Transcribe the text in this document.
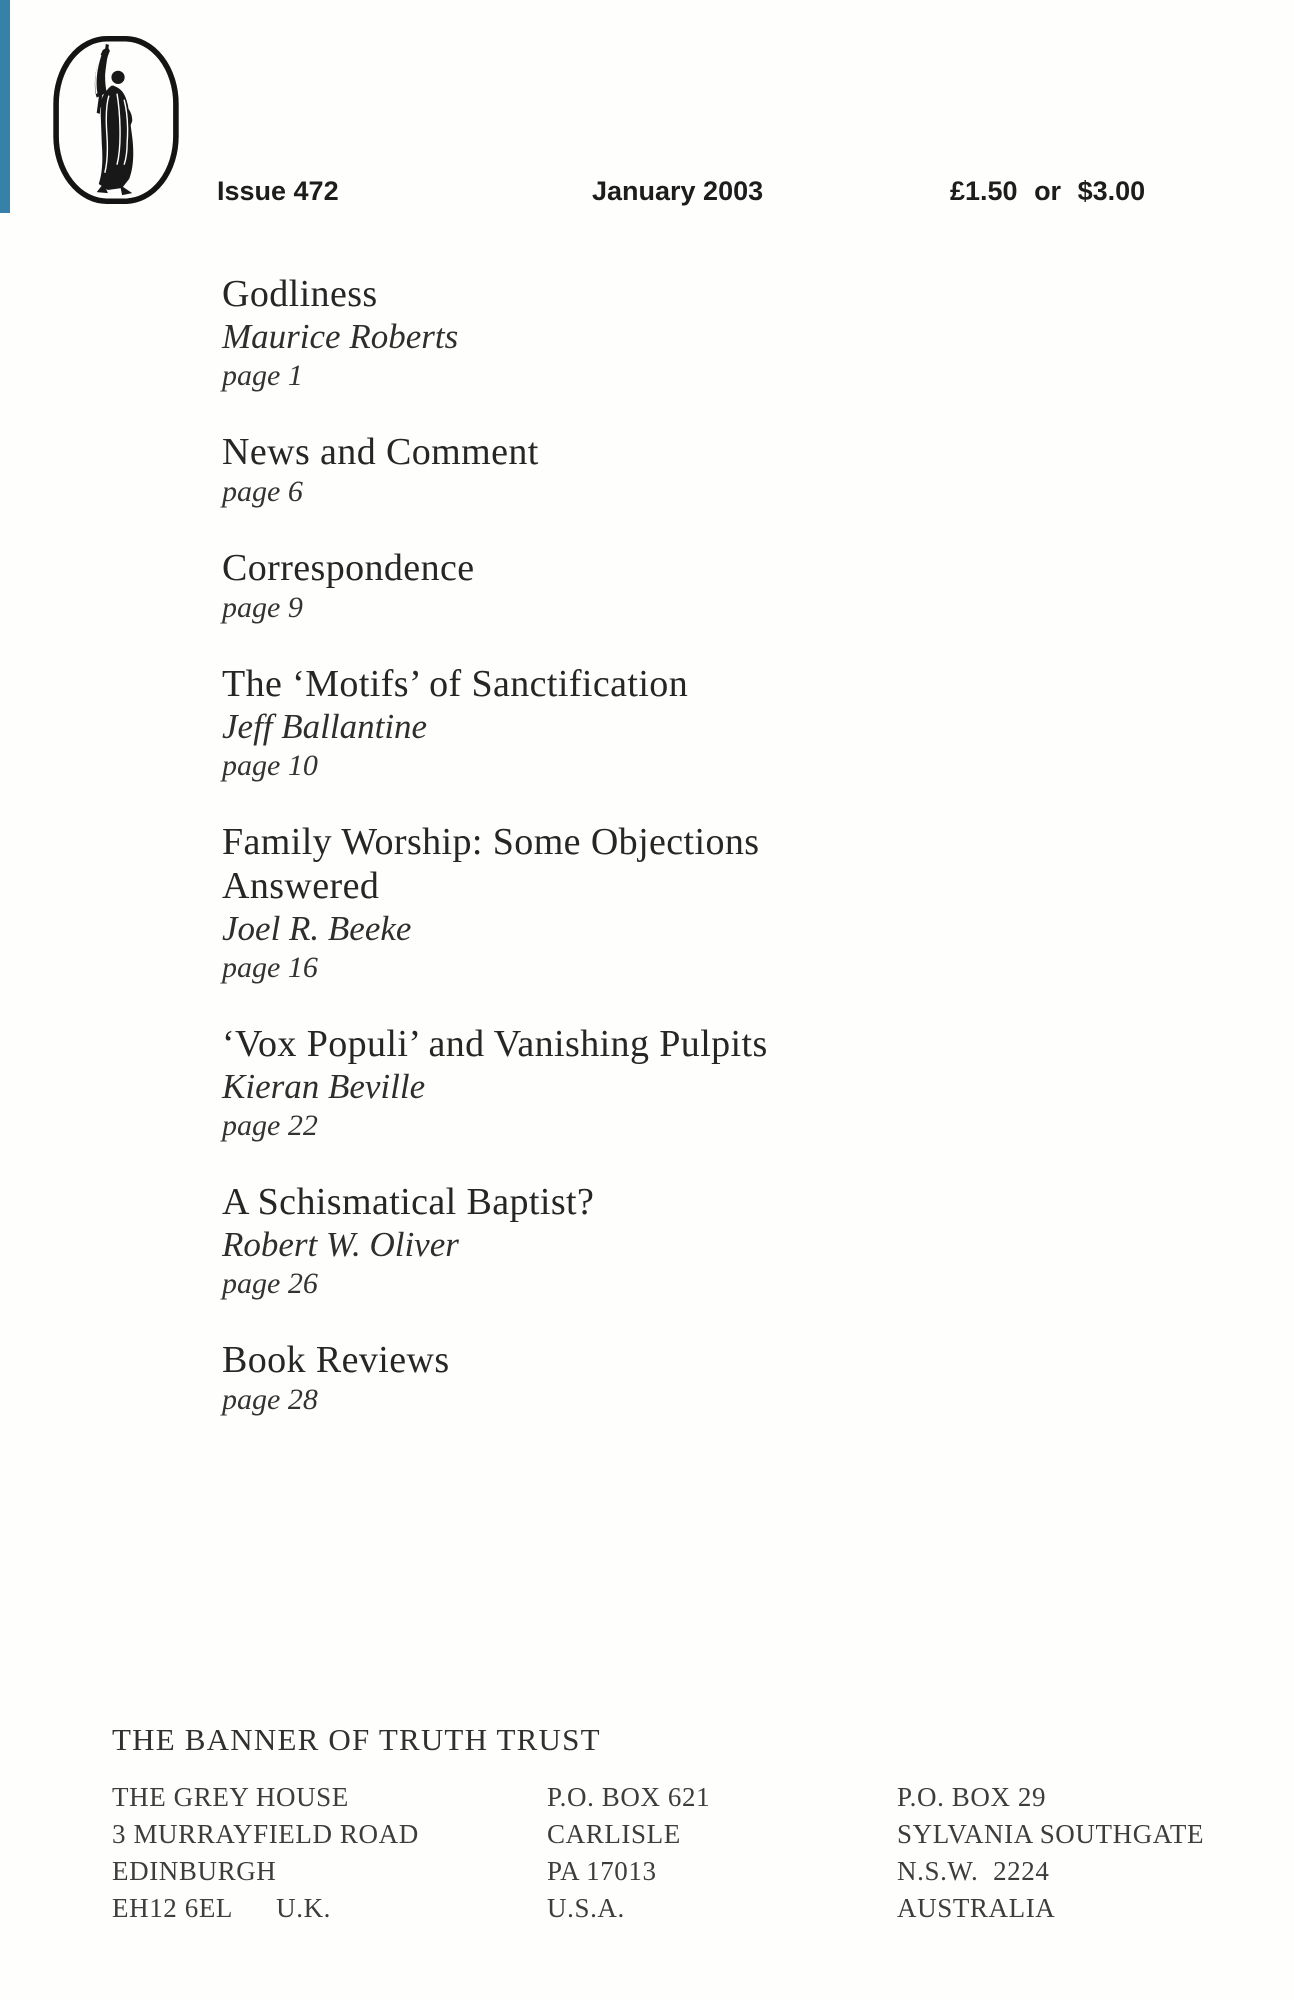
Issue 472	January 2003	£1.50 or $3.00
Godliness
Maurice Roberts
page 1
News and Comment
page 6
Correspondence
page 9
The ‘Motifs’ of Sanctification
Jeff Ballantine
page 10
Family Worship: Some Objections
Answered
Joel R. Beeke
page 16
‘Vox Populi’ and Vanishing Pulpits
Kieran Beville
page 22
A Schismatical Baptist?
Robert W. Oliver
page 26
Book Reviews
page 28
THE BANNER OF TRUTH TRUST
THE GREY HOUSE
3 MURRAYFIELD ROAD
EDINBURGH
EH12 6EL      U.K.
P.O. BOX 621
CARLISLE
PA 17013
U.S.A.
P.O. BOX 29
SYLVANIA SOUTHGATE
N.S.W.  2224
AUSTRALIA
